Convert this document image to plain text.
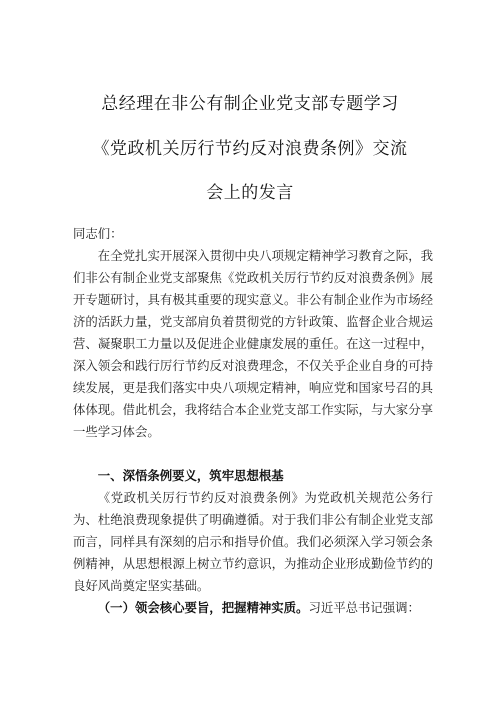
总经理在非公有制企业党支部专题学习
《党政机关厉行节约反对浪费条例》交流
会上的发言
同志们：
在全党扎实开展深入贯彻中央八项规定精神学习教育之际，我们非公有制企业党支部聚焦《党政机关厉行节约反对浪费条例》展开专题研讨，具有极其重要的现实意义。非公有制企业作为市场经济的活跃力量，党支部肩负着贯彻党的方针政策、监督企业合规运营、凝聚职工力量以及促进企业健康发展的重任。在这一过程中，深入领会和践行厉行节约反对浪费理念，不仅关乎企业自身的可持续发展，更是我们落实中央八项规定精神，响应党和国家号召的具体体现。借此机会，我将结合本企业党支部工作实际，与大家分享一些学习体会。
一、深悟条例要义，筑牢思想根基
《党政机关厉行节约反对浪费条例》为党政机关规范公务行为、杜绝浪费现象提供了明确遵循。对于我们非公有制企业党支部而言，同样具有深刻的启示和指导价值。我们必须深入学习领会条例精神，从思想根源上树立节约意识，为推动企业形成勤俭节约的良好风尚奠定坚实基础。
（一）领会核心要旨，把握精神实质。习近平总书记强调：
